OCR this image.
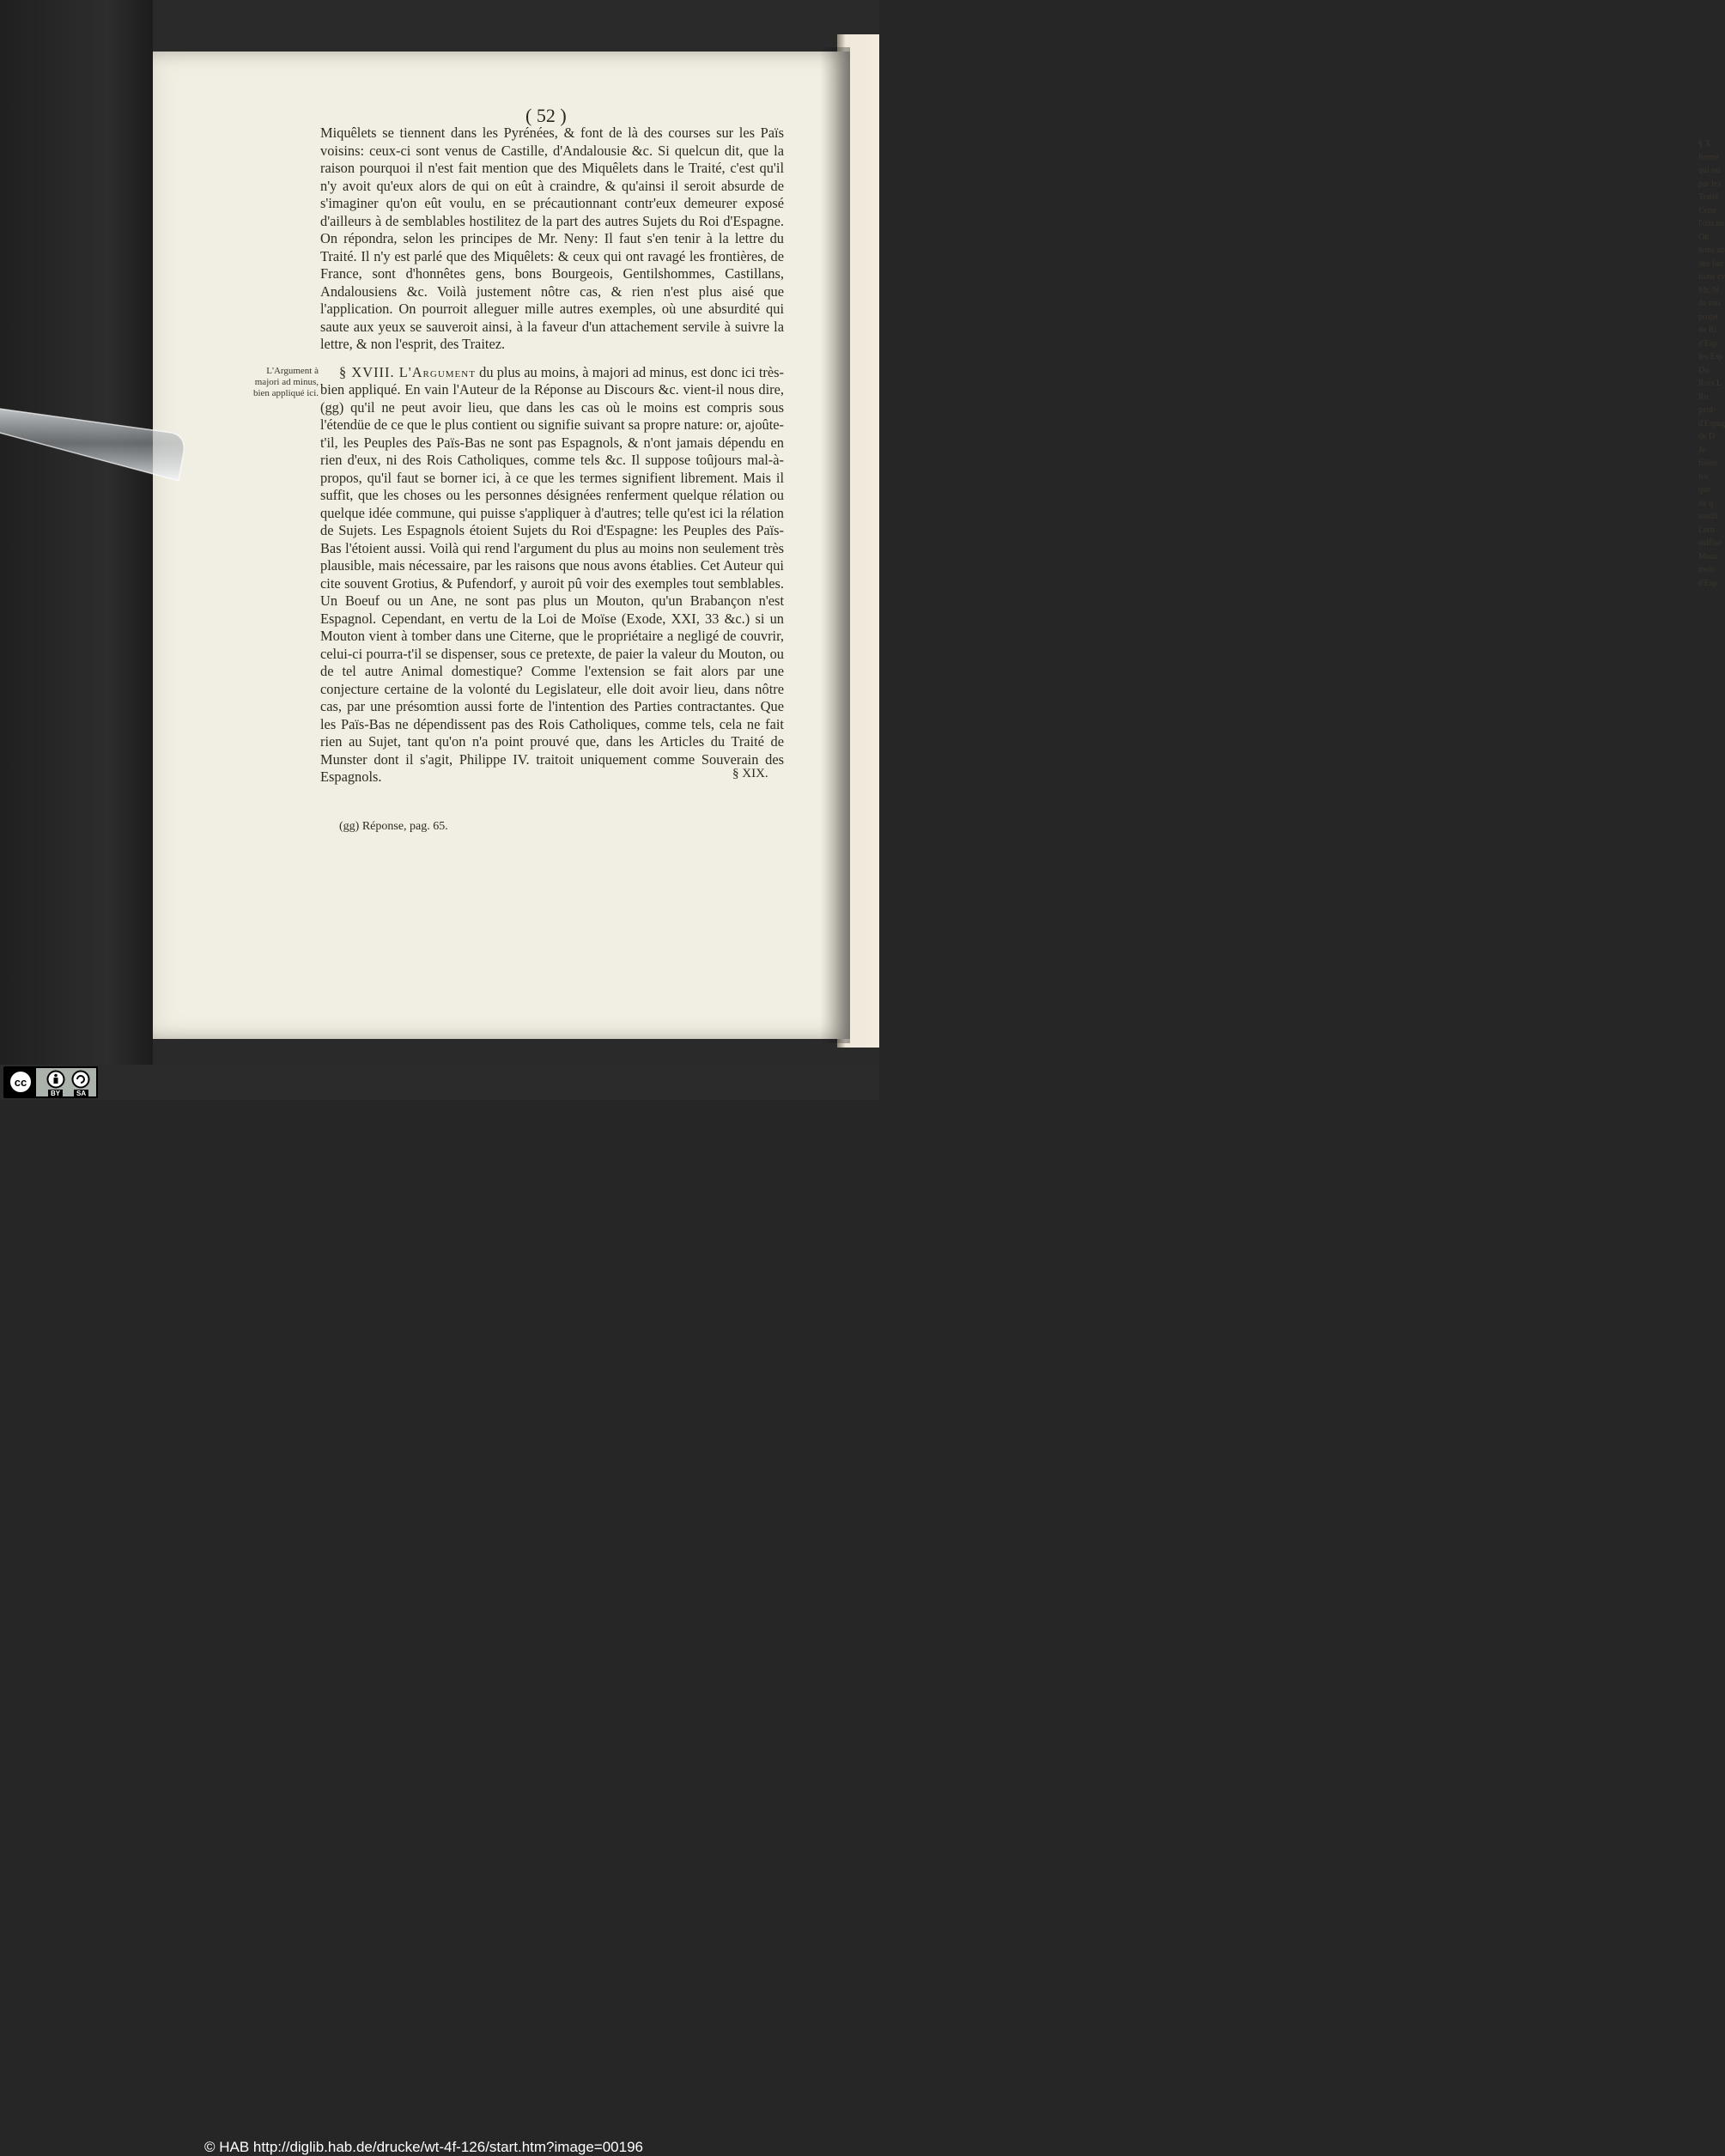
§ X
formé
qui ou
par les
Traité
Cette
l'oïn no
On
tems ab
des Ind
tions cy
Mr. N
de trés
projet
de Ri
d'Esp
les Esp
Du
Rois L
Ro
peut-
d'Espag
de D
Je
fidèle
les
que
de q
tendit
Lettr
suffisa
Mons
moïs
d'Esp
( 52 )
L'Argument à majori ad minus, bien appliqué ici.

Miquêlets se tiennent dans les Pyrénées, & font de là des courses sur les Païs voisins: ceux-ci sont venus de Castille, d'Andalousie &c. Si quelcun dit, que la raison pourquoi il n'est fait mention que des Miquêlets dans le Traité, c'est qu'il n'y avoit qu'eux alors de qui on eût à craindre, & qu'ainsi il seroit absurde de s'imaginer qu'on eût voulu, en se précautionnant contr'eux demeurer exposé d'ailleurs à de semblables hostilitez de la part des autres Sujets du Roi d'Espagne. On répondra, selon les principes de Mr. Neny: Il faut s'en tenir à la lettre du Traité. Il n'y est parlé que des Miquêlets: & ceux qui ont ravagé les frontières, de France, sont d'honnêtes gens, bons Bourgeois, Gentilshommes, Castillans, Andalousiens &c. Voilà justement nôtre cas, & rien n'est plus aisé que l'application. On pourroit alleguer mille autres exemples, où une absurdité qui saute aux yeux se sauveroit ainsi, à la faveur d'un attachement servile à suivre la lettre, & non l'esprit, des Traitez.

§ XVIII. L'Argument du plus au moins, à majori ad minus, est donc ici très-bien appliqué. En vain l'Auteur de la Réponse au Discours &c. vient-il nous dire, (gg) qu'il ne peut avoir lieu, que dans les cas où le moins est compris sous l'étendüe de ce que le plus contient ou signifie suivant sa propre nature: or, ajoûte-t'il, les Peuples des Païs-Bas ne sont pas Espagnols, & n'ont jamais dépendu en rien d'eux, ni des Rois Catholiques, comme tels &c. Il suppose toûjours mal-à-propos, qu'il faut se borner ici, à ce que les termes signifient librement. Mais il suffit, que les choses ou les personnes désignées renferment quelque rélation ou quelque idée commune, qui puisse s'appliquer à d'autres; telle qu'est ici la rélation de Sujets. Les Espagnols étoient Sujets du Roi d'Espagne: les Peuples des Païs-Bas l'étoient aussi. Voilà qui rend l'argument du plus au moins non seulement très plausible, mais nécessaire, par les raisons que nous avons établies. Cet Auteur qui cite souvent Grotius, & Pufendorf, y auroit pû voir des exemples tout semblables. Un Boeuf ou un Ane, ne sont pas plus un Mouton, qu'un Brabançon n'est Espagnol. Cependant, en vertu de la Loi de Moïse (Exode, XXI, 33 &c.) si un Mouton vient à tomber dans une Citerne, que le propriétaire a negligé de couvrir, celui-ci pourra-t'il se dispenser, sous ce pretexte, de paier la valeur du Mouton, ou de tel autre Animal domestique? Comme l'extension se fait alors par une conjecture certaine de la volonté du Legislateur, elle doit avoir lieu, dans nôtre cas, par une présomtion aussi forte de l'intention des Parties contractantes. Que les Païs-Bas ne dépendissent pas des Rois Catholiques, comme tels, cela ne fait rien au Sujet, tant qu'on n'a point prouvé que, dans les Articles du Traité de Munster dont il s'agit, Philippe IV. traitoit uniquement comme Souverain des Espagnols.	§ XIX.
(gg) Réponse, pag. 65.
cc
BY	SA
© HAB http://diglib.hab.de/drucke/wt-4f-126/start.htm?image=00196
